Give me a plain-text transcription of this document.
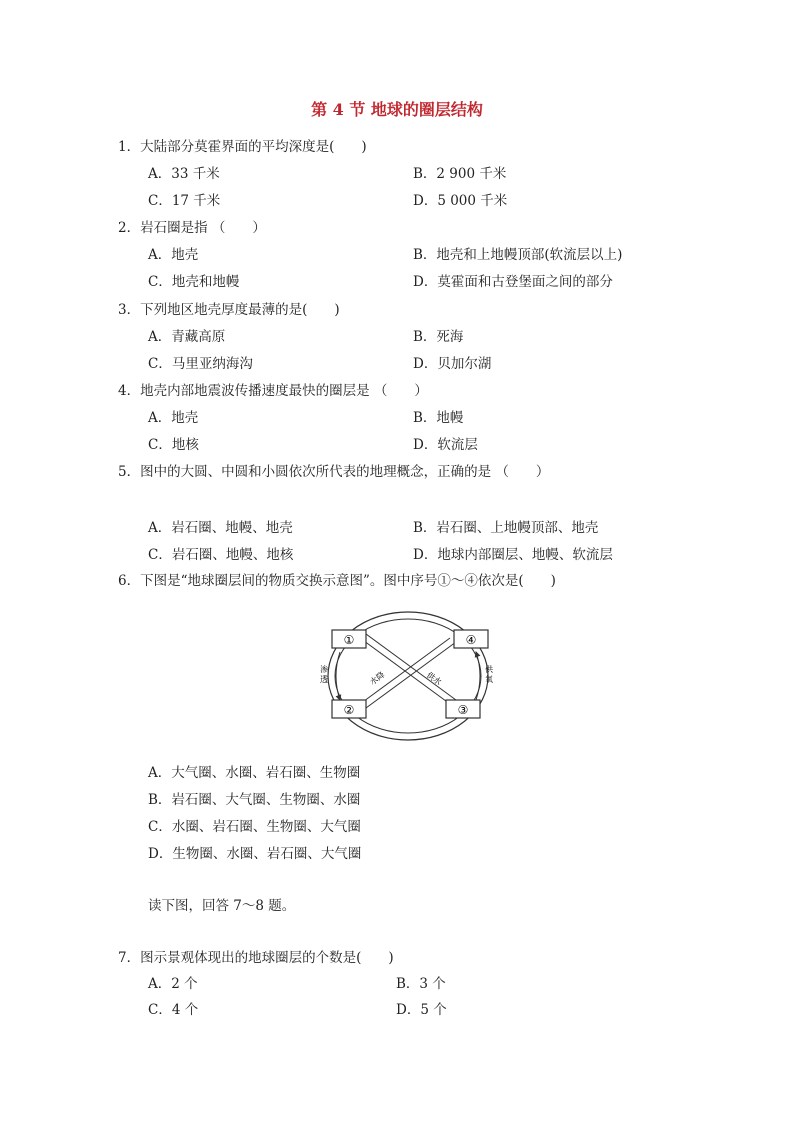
第 4 节 地球的圈层结构
1．大陆部分莫霍界面的平均深度是(　　)
A．33 千米	B．2 900 千米
C．17 千米	D．5 000 千米
2．岩石圈是指 （　　）
A．地壳	B．地壳和上地幔顶部(软流层以上)
C．地壳和地幔	D．莫霍面和古登堡面之间的部分
3．下列地区地壳厚度最薄的是(　　)
A．青藏高原	B．死海
C．马里亚纳海沟	D．贝加尔湖
4．地壳内部地震波传播速度最快的圈层是 （　　）
A．地壳	B．地幔
C．地核	D．软流层
5．图中的大圆、中圆和小圆依次所代表的地理概念，正确的是 （　　）
A．岩石圈、地幔、地壳	B．岩石圈、上地幔顶部、地壳
C．岩石圈、地幔、地核	D．地球内部圈层、地幔、软流层
6．下图是“地球圈层间的物质交换示意图”。图中序号①～④依次是(　　)
①	④
②	③
渗
透	水降	供水
供
氧
A．大气圈、水圈、岩石圈、生物圈
B．岩石圈、大气圈、生物圈、水圈
C．水圈、岩石圈、生物圈、大气圈
D．生物圈、水圈、岩石圈、大气圈
读下图，回答 7～8 题。
7．图示景观体现出的地球圈层的个数是(　　)
A．2 个	B．3 个
C．4 个	D．5 个
